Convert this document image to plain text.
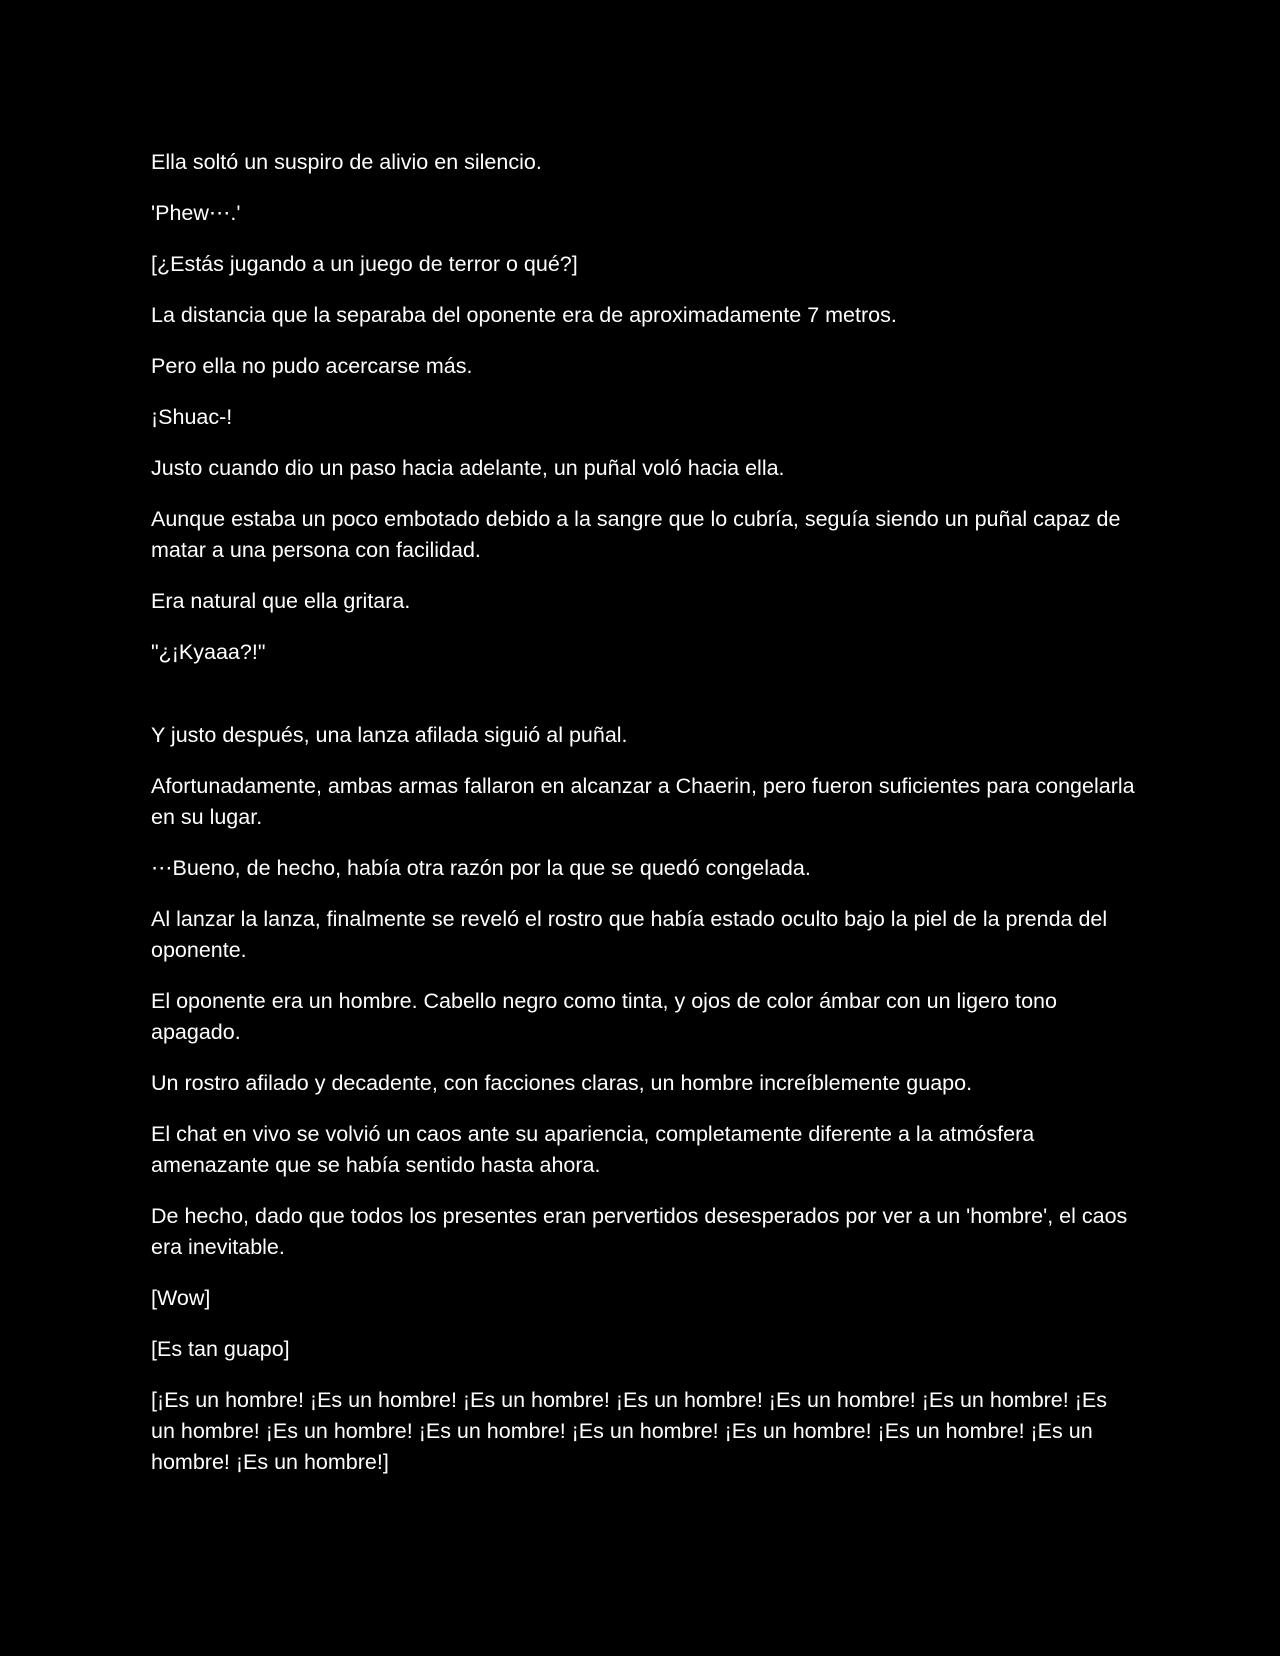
Ella soltó un suspiro de alivio en silencio.

'Phew⋯.'

[¿Estás jugando a un juego de terror o qué?]

La distancia que la separaba del oponente era de aproximadamente 7 metros.

Pero ella no pudo acercarse más.

¡Shuac-!

Justo cuando dio un paso hacia adelante, un puñal voló hacia ella.

Aunque estaba un poco embotado debido a la sangre que lo cubría, seguía siendo un puñal capaz de matar a una persona con facilidad.

Era natural que ella gritara.

"¿¡Kyaaa?!"

Y justo después, una lanza afilada siguió al puñal.

Afortunadamente, ambas armas fallaron en alcanzar a Chaerin, pero fueron suficientes para congelarla en su lugar.

⋯Bueno, de hecho, había otra razón por la que se quedó congelada.

Al lanzar la lanza, finalmente se reveló el rostro que había estado oculto bajo la piel de la prenda del oponente.

El oponente era un hombre. Cabello negro como tinta, y ojos de color ámbar con un ligero tono apagado.

Un rostro afilado y decadente, con facciones claras, un hombre increíblemente guapo.

El chat en vivo se volvió un caos ante su apariencia, completamente diferente a la atmósfera amenazante que se había sentido hasta ahora.

De hecho, dado que todos los presentes eran pervertidos desesperados por ver a un 'hombre', el caos era inevitable.

[Wow]

[Es tan guapo]

[¡Es un hombre! ¡Es un hombre! ¡Es un hombre! ¡Es un hombre! ¡Es un hombre! ¡Es un hombre! ¡Es un hombre! ¡Es un hombre! ¡Es un hombre! ¡Es un hombre! ¡Es un hombre! ¡Es un hombre! ¡Es un hombre! ¡Es un hombre!]
